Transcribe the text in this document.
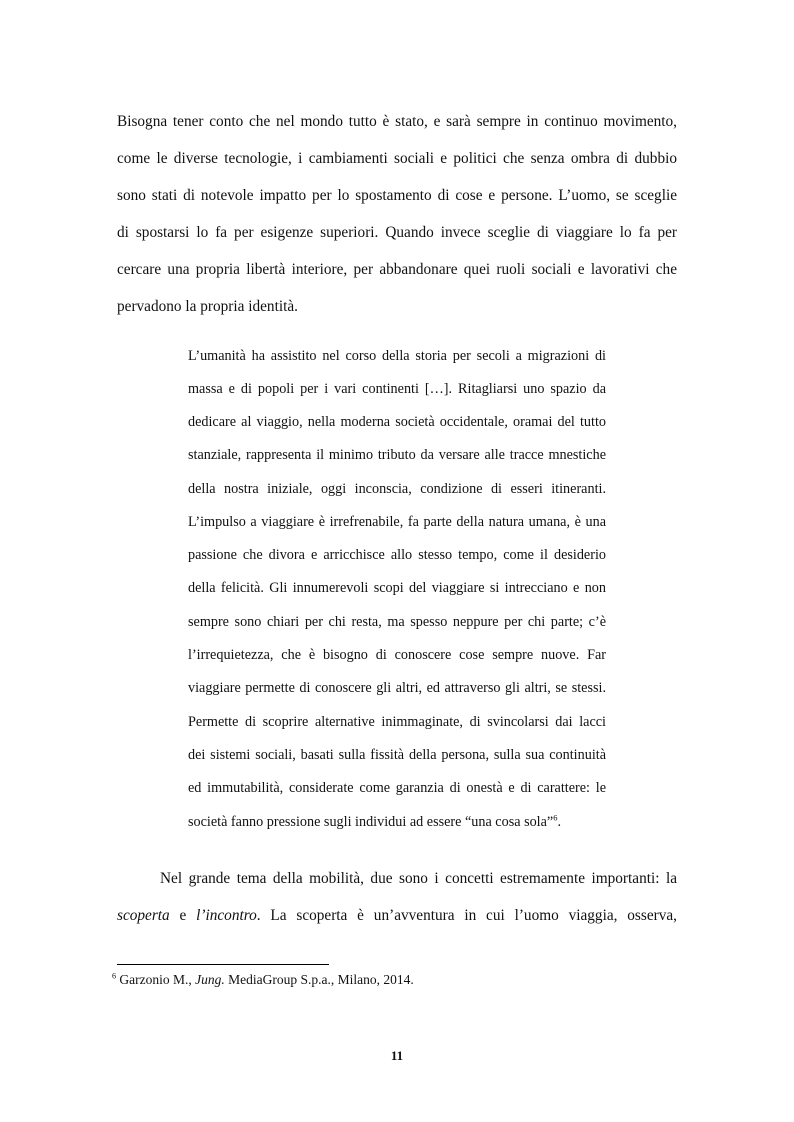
Bisogna tener conto che nel mondo tutto è stato, e sarà sempre in continuo movimento,
come le diverse tecnologie, i cambiamenti sociali e politici che senza ombra di dubbio
sono stati di notevole impatto per lo spostamento di cose e persone. L’uomo, se sceglie
di spostarsi lo fa per esigenze superiori. Quando invece sceglie di viaggiare lo fa per
cercare una propria libertà interiore, per abbandonare quei ruoli sociali e lavorativi che
pervadono la propria identità.
L’umanità ha assistito nel corso della storia per secoli a migrazioni di
massa e di popoli per i vari continenti […]. Ritagliarsi uno spazio da
dedicare al viaggio, nella moderna società occidentale, oramai del tutto
stanziale, rappresenta il minimo tributo da versare alle tracce mnestiche
della nostra iniziale, oggi inconscia, condizione di esseri itineranti.
L’impulso a viaggiare è irrefrenabile, fa parte della natura umana, è una
passione che divora e arricchisce allo stesso tempo, come il desiderio
della felicità. Gli innumerevoli scopi del viaggiare si intrecciano e non
sempre sono chiari per chi resta, ma spesso neppure per chi parte; c’è
l’irrequietezza, che è bisogno di conoscere cose sempre nuove. Far
viaggiare permette di conoscere gli altri, ed attraverso gli altri, se stessi.
Permette di scoprire alternative inimmaginate, di svincolarsi dai lacci
dei sistemi sociali, basati sulla fissità della persona, sulla sua continuità
ed immutabilità, considerate come garanzia di onestà e di carattere: le
società fanno pressione sugli individui ad essere “una cosa sola”$^6$.
Nel grande tema della mobilità, due sono i concetti estremamente importanti: la
scoperta e l’incontro. La scoperta è un’avventura in cui l’uomo viaggia, osserva,
$^6$ Garzonio M., Jung. MediaGroup S.p.a., Milano, 2014.
11
